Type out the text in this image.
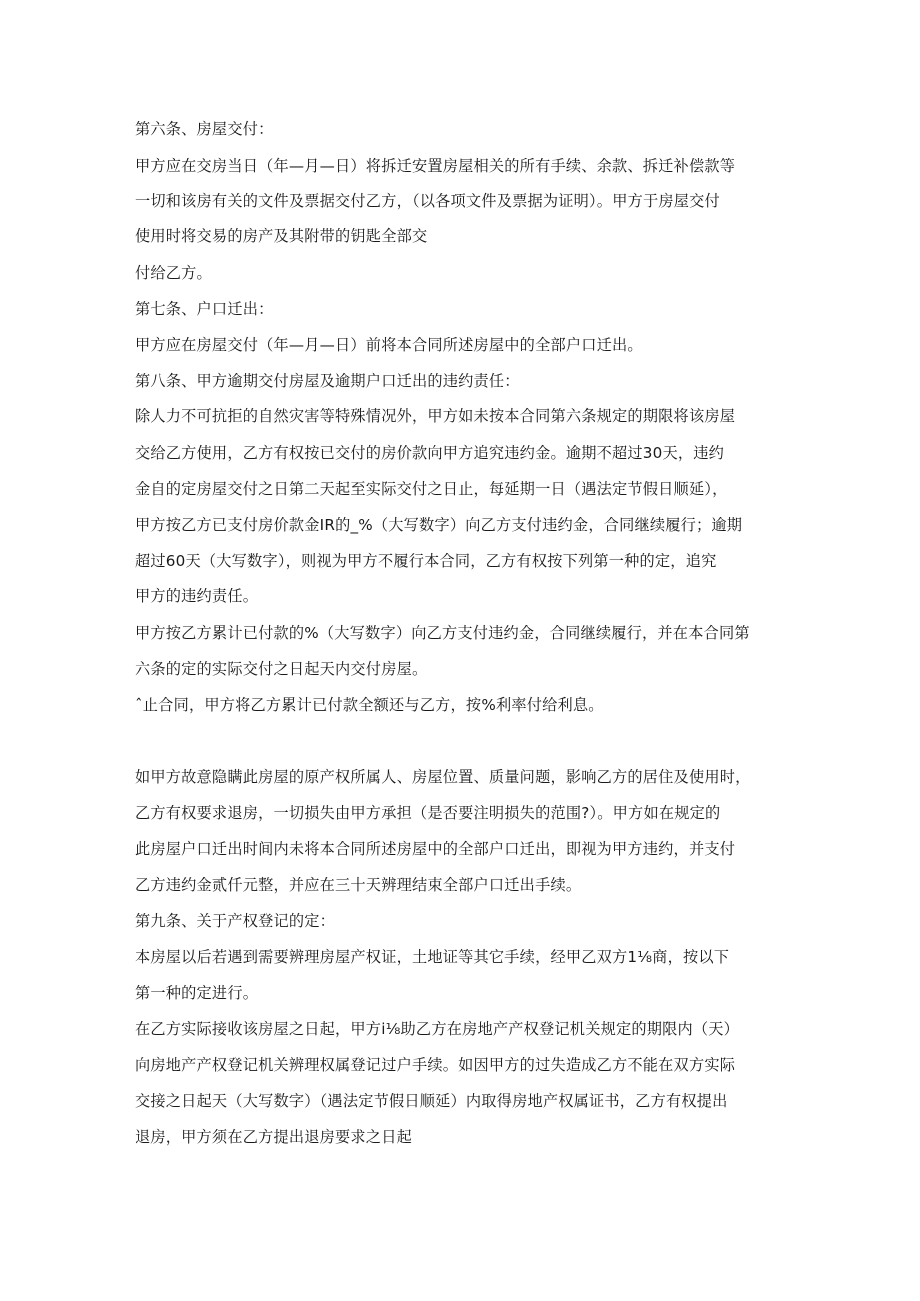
第六条、房屋交付：
甲方应在交房当日（年—月—日）将拆迁安置房屋相关的所有手续、余款、拆迁补偿款等
一切和该房有关的文件及票据交付乙方，（以各项文件及票据为证明）。甲方于房屋交付
使用时将交易的房产及其附带的钥匙全部交
付给乙方。
第七条、户口迁出：
甲方应在房屋交付（年—月—日）前将本合同所述房屋中的全部户口迁出。
第八条、甲方逾期交付房屋及逾期户口迁出的违约责任：
除人力不可抗拒的自然灾害等特殊情况外，甲方如未按本合同第六条规定的期限将该房屋
交给乙方使用，乙方有权按已交付的房价款向甲方追究违约金。逾期不超过30天，违约
金自的定房屋交付之日第二天起至实际交付之日止，每延期一日（遇法定节假日顺延），
甲方按乙方已支付房价款金IR的_%（大写数字）向乙方支付违约金，合同继续履行；逾期
超过60天（大写数字），则视为甲方不履行本合同，乙方有权按下列第一种的定，追究
甲方的违约责任。
甲方按乙方累计已付款的%（大写数字）向乙方支付违约金，合同继续履行，并在本合同第
六条的定的实际交付之日起天内交付房屋。
ˆ止合同，甲方将乙方累计已付款全额还与乙方，按%利率付给利息。
如甲方故意隐瞒此房屋的原产权所属人、房屋位置、质量问题，影响乙方的居住及使用时，
乙方有权要求退房，一切损失由甲方承担（是否要注明损失的范围?）。甲方如在规定的
此房屋户口迁出时间内未将本合同所述房屋中的全部户口迁出，即视为甲方违约，并支付
乙方违约金贰仟元整，并应在三十天辨理结束全部户口迁出手续。
第九条、关于产权登记的定：
本房屋以后若遇到需要辨理房屋产权证，土地证等其它手续，经甲乙双方1⅛商，按以下
第一种的定进行。
在乙方实际接收该房屋之日起，甲方i⅛助乙方在房地产产权登记机关规定的期限内（天）
向房地产产权登记机关辨理权属登记过户手续。如因甲方的过失造成乙方不能在双方实际
交接之日起天（大写数字）（遇法定节假日顺延）内取得房地产权属证书，乙方有权提出
退房，甲方须在乙方提出退房要求之日起
